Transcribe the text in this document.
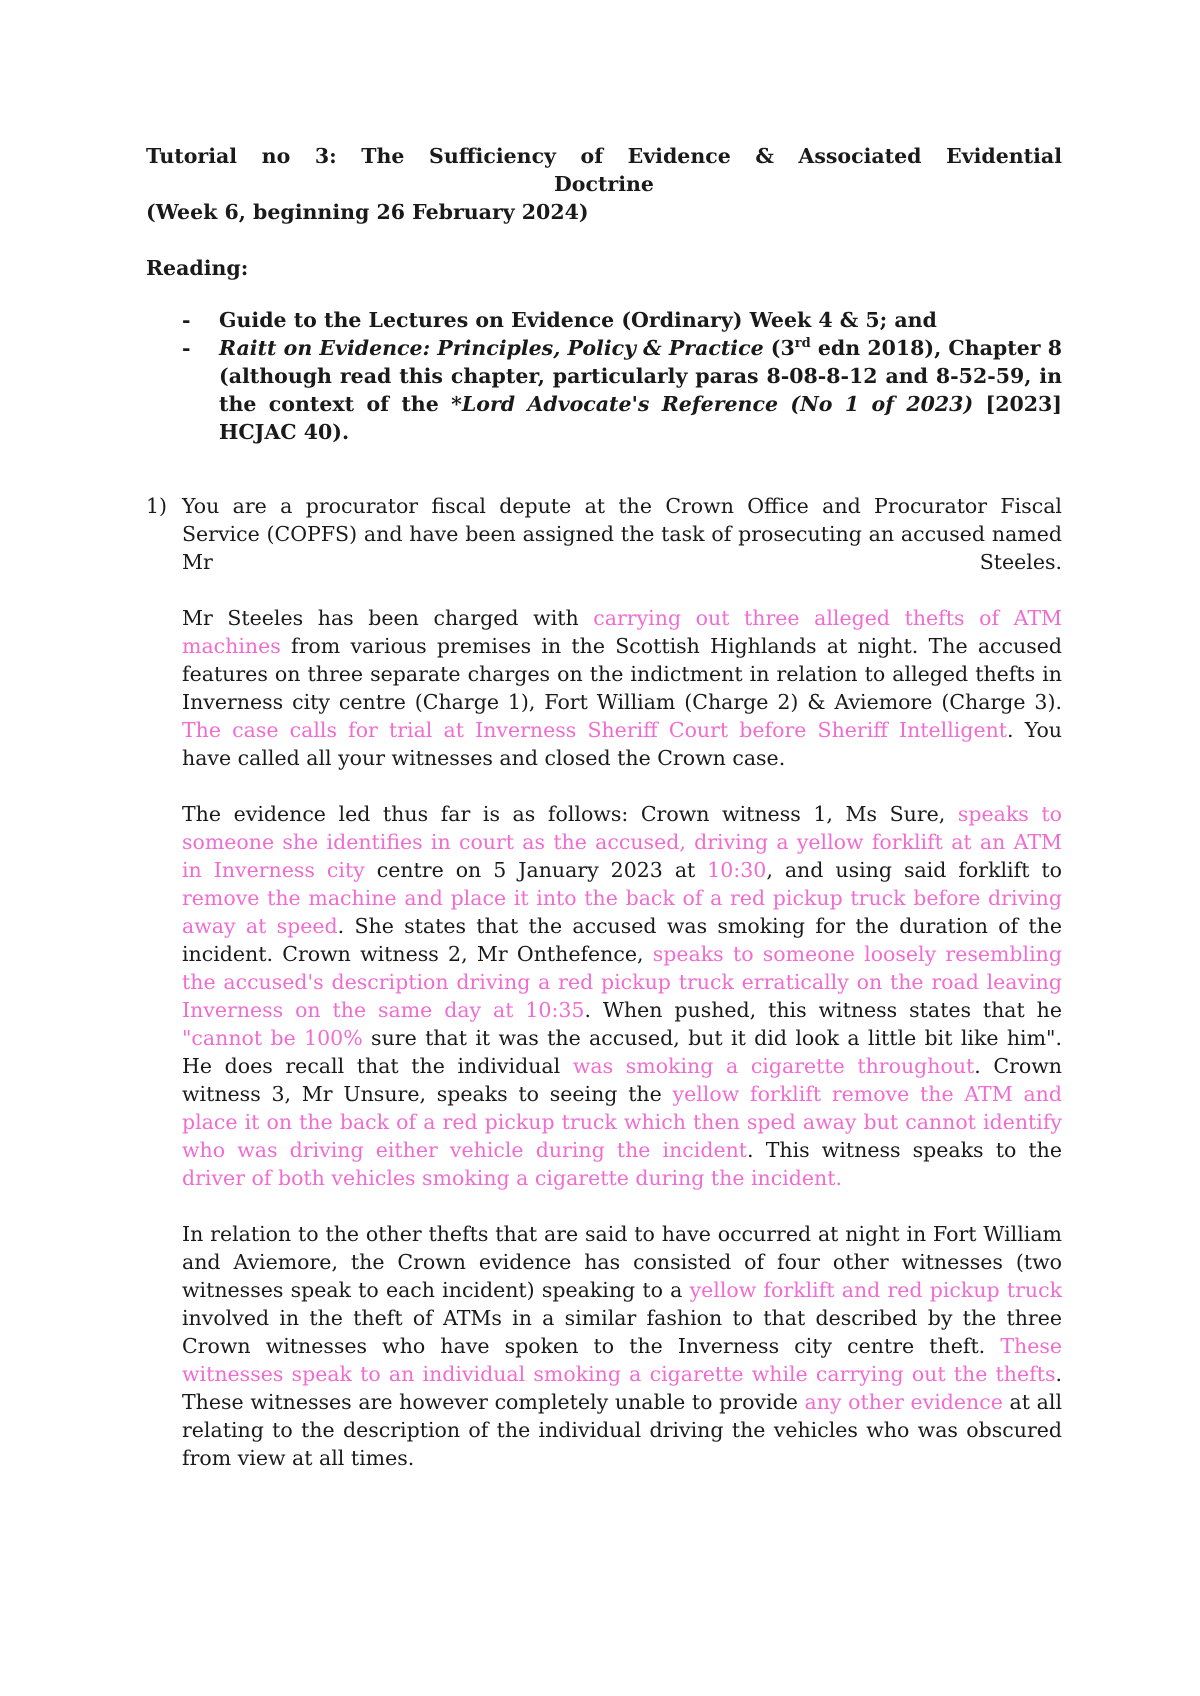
Tutorial no 3: The Sufficiency of Evidence & Associated Evidential
Doctrine
(Week 6, beginning 26 February 2024)
Reading:
- Guide to the Lectures on Evidence (Ordinary) Week 4 & 5; and
- Raitt on Evidence: Principles, Policy & Practice (3rd edn 2018), Chapter 8 (although read this chapter, particularly paras 8-08-8-12 and 8-52-59, in the context of the *Lord Advocate's Reference (No 1 of 2023) [2023] HCJAC 40).
1) You are a procurator fiscal depute at the Crown Office and Procurator Fiscal Service (COPFS) and have been assigned the task of prosecuting an accused named Mr Steeles.
Mr Steeles has been charged with carrying out three alleged thefts of ATM machines from various premises in the Scottish Highlands at night. The accused features on three separate charges on the indictment in relation to alleged thefts in Inverness city centre (Charge 1), Fort William (Charge 2) & Aviemore (Charge 3). The case calls for trial at Inverness Sheriff Court before Sheriff Intelligent. You have called all your witnesses and closed the Crown case.
The evidence led thus far is as follows: Crown witness 1, Ms Sure, speaks to someone she identifies in court as the accused, driving a yellow forklift at an ATM in Inverness city centre on 5 January 2023 at 10:30, and using said forklift to remove the machine and place it into the back of a red pickup truck before driving away at speed. She states that the accused was smoking for the duration of the incident. Crown witness 2, Mr Onthefence, speaks to someone loosely resembling the accused's description driving a red pickup truck erratically on the road leaving Inverness on the same day at 10:35. When pushed, this witness states that he "cannot be 100% sure that it was the accused, but it did look a little bit like him". He does recall that the individual was smoking a cigarette throughout. Crown witness 3, Mr Unsure, speaks to seeing the yellow forklift remove the ATM and place it on the back of a red pickup truck which then sped away but cannot identify who was driving either vehicle during the incident. This witness speaks to the driver of both vehicles smoking a cigarette during the incident.
In relation to the other thefts that are said to have occurred at night in Fort William and Aviemore, the Crown evidence has consisted of four other witnesses (two witnesses speak to each incident) speaking to a yellow forklift and red pickup truck involved in the theft of ATMs in a similar fashion to that described by the three Crown witnesses who have spoken to the Inverness city centre theft. These witnesses speak to an individual smoking a cigarette while carrying out the thefts. These witnesses are however completely unable to provide any other evidence at all relating to the description of the individual driving the vehicles who was obscured from view at all times.
